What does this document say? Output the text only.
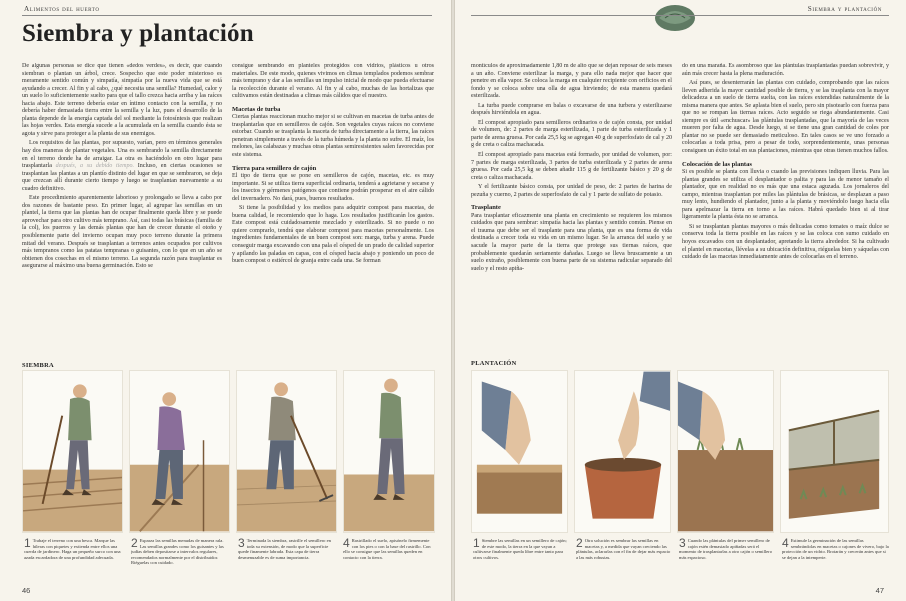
Alimentos del huerto
Siembra y plantación

De algunas personas se dice que tienen «dedos verdes», es decir, que cuando siembran o plantan un árbol, crece. Sospecho que este poder misterioso es meramente sentido común y simpatía, simpatía por la nueva vida que se está ayudando a crecer. Al fin y al cabo, ¿qué necesita una semilla? Humedad, calor y un suelo lo suficientemente suelto para que el tallo crezca hacia arriba y las raíces hacia abajo. Este terreno debería estar en íntimo contacto con la semilla, y no debería haber demasiada tierra entre la semilla y la luz, pues el desarrollo de la planta depende de la energía captada del sol mediante la fotosíntesis que realizan las hojas verdes. Esta energía sucede a la acumulada en la semilla cuando ésta se agota y sirve para proteger a la planta de sus enemigos.

Los requisitos de las plantas, por supuesto, varían, pero en términos generales hay dos maneras de plantar vegetales. Una es sembrando la semilla directamente en el terreno donde ha de arraigar. La otra es haciéndolo en otro lugar para trasplantarla después, a su debido tiempo. Incluso, en ciertas ocasiones se trasplantan las plantas a un plantío distinto del lugar en que se sembraron, se deja que crezcan allí durante cierto tiempo y luego se trasplantan nuevamente a su cuadro definitivo.

Este procedimiento aparentemente laborioso y prolongado se lleva a cabo por dos razones de bastante peso. En primer lugar, al agrupar las semillas en un plantel, la tierra que las plantas han de ocupar finalmente queda libre y se puede aprovechar para otro cultivo más temprano. Así, casi todas las brásicas (familia de la col), los puerros y las demás plantas que han de crecer durante el otoño y posiblemente parte del invierno ocupan muy poco terreno durante la primera mitad del verano. Después se trasplantan a terrenos antes ocupados por cultivos más tempranos como las patatas tempranas o guisantes, con lo que en un año se obtienen dos cosechas en el mismo terreno. La segunda razón para trasplantar es asegurarse al máximo una buena germinación. Esto se

consigue sembrando en planteles protegidos con vidrios, plásticos u otros materiales. De este modo, quienes vivimos en climas templados podemos sembrar más temprano y dar a las semillas un impulso inicial de modo que pueda efectuarse la recolección durante el verano. Al fin y al cabo, muchas de las hortalizas que cultivamos están destinadas a climas más cálidos que el nuestro.

Macetas de turba

Ciertas plantas reaccionan mucho mejor si se cultivan en macetas de turba antes de trasplantarlas que en semilleros de cajón. Son vegetales cuyas raíces no conviene estorbar. Cuando se trasplanta la maceta de turba directamente a la tierra, las raíces penetran simplemente a través de la turba húmeda y la planta no sufre. El maíz, los melones, las calabazas y muchas otras plantas semiresistentes salen favorecidas por este sistema.

Tierra para semillero de cajón

El tipo de tierra que se pone en semilleros de cajón, macetas, etc. es muy importante. Si se utiliza tierra superficial ordinaria, tenderá a agrietarse y secarse y los insectos y gérmenes patógenos que contiene podrán prosperar en el aire cálido del invernadero. No dará, pues, buenos resultados.

Si tiene la posibilidad y los medios para adquirir compost para macetas, de buena calidad, le recomiendo que lo haga. Los resultados justificarán los gastos. Este compost está cuidadosamente mezclado y esterilizado. Si no puede o no quiere comprarlo, tendrá que elaborar compost para macetas personalmente. Los ingredientes fundamentales de un buen compost son: marga, turba y arena. Puede conseguir marga excavando con una pala el césped de un prado de calidad superior y apilando las paladas en capas, con el césped hacia abajo y poniendo un poco de buen compost o estiércol de granja entre cada una. Se forman

SIEMBRA
1 Trabaje el terreno con una besca. Marque las hileras con piquetes y extienda entre ellos una cuerda de jardinero. Haga un pequeño surco con una azada escardadora de una profundidad adecuada.
2 Esparza las semillas menudas de manera rala. Las semillas grandes como los guisantes y las judías deben depositarse a intervalos regulares, recomendados normalmente por el distribuidor. Riéguelas con cuidado.
3 Terminada la siembra, rastrille el semillero en toda su extensión, de modo que la superficie quede finamente labrada. Esta capa de tierra desmenuzable es de suma importancia.
4 Rastrillado el suelo, apisónelo firmemente con los pies o con la base del rastrillo. Con ello se consigue que las semillas queden en contacto con la tierra.
46
Siembra y plantación

montículos de aproximadamente 1,80 m de alto que se dejan reposar de seis meses a un año. Conviene esterilizar la marga, y para ello nada mejor que hacer que penetre en ella vapor. Se coloca la marga en cualquier recipiente con orificios en el fondo y se coloca sobre una olla de agua hirviendo; de esta manera quedará esterilizada.

La turba puede comprarse en balas o excavarse de una turbera y esterilizarse después hirviéndola en agua.

El compost apropiado para semilleros ordinarios o de cajón consta, por unidad de volumen, de: 2 partes de marga esterilizada, 1 parte de turba esterilizada y 1 parte de arena gruesa. Por cada 25,5 kg se agregan 40 g de superfosfato de cal y 20 g de creta o caliza machacada.

El compost apropiado para macetas está formado, por unidad de volumen, por: 7 partes de marga esterilizada, 3 partes de turba esterilizada y 2 partes de arena gruesa. Por cada 25,5 kg se deben añadir 115 g de fertilizante básico y 20 g de creta o caliza machacada.

Y el fertilizante básico consta, por unidad de peso, de: 2 partes de harina de pezuña y cuerno, 2 partes de superfosfato de cal y 1 parte de sulfato de potasio.

Trasplante

Para trasplantar eficazmente una planta en crecimiento se requieren los mismos cuidados que para sembrar: simpatía hacia las plantas y sentido común. Piense en el trauma que debe ser el trasplante para una planta, que es una forma de vida destinada a crecer toda su vida en un mismo lugar. Se la arranca del suelo y se sacude la mayor parte de la tierra que protege sus tiernas raíces, que probablemente quedarán seriamente dañadas. Luego se lleva bruscamente a un suelo extraño, posiblemente con buena parte de su sistema radicular separado del suelo y el resto apiña-

do en una maraña. Es asombroso que las plántulas trasplantadas puedan sobrevivir, y aún más crecer hasta la plena maduración.

Así pues, se desenterrarán las plantas con cuidado, comprobando que las raíces lleven adherida la mayor cantidad posible de tierra, y se las trasplanta con la mayor delicadeza a un suelo de tierra suelta, con las raíces extendidas naturalmente de la misma manera que antes. Se aplasta bien el suelo, pero sin pisotearlo con fuerza para que no se rompan las tiernas raíces. Acto seguido se riega abundantemente. Casi siempre es útil «enchuscar» las plántulas trasplantadas, que la mayoría de las veces mueren por falta de agua. Desde luego, si se tiene una gran cantidad de coles por plantar no se puede ser demasiado meticuloso. En tales casos se ve uno forzado a colocarlas a toda prisa, pero a pesar de todo, sorprendentemente, unas personas consiguen un éxito total en sus plantaciones, mientras que otras tienen muchos fallos.

Colocación de las plantas

Si es posible se planta con lluvia o cuando las previsiones indiquen lluvia. Para las plantas grandes se utiliza el desplantador o palita y para las de menor tamaño el plantador, que en realidad no es más que una estaca aguzada. Los jornaleros del campo, mientras trasplantan por miles las plántulas de brásicas, se desplazan a paso muy lento, hundiendo el plantador, junto a la planta y moviéndolo luego hacia ella para apelmazar la tierra en torno a las raíces. Habrá quedado bien si al tirar ligeramente la planta ésta no se arranca.

Si se trasplantan plantas mayores o más delicadas como tomates o maíz dulce se conserva toda la tierra posible en las raíces y se las coloca con sumo cuidado en hoyos excavados con un desplantador, apretando la tierra alrededor. Si ha cultivado el plantel en macetas, llévelas a su ubicación definitiva, riéguelas bien y sáquelas con cuidado de las macetas inmediatamente antes de colocarlas en el terreno.

PLANTACIÓN
1 Siembre las semillas en un semillero de cajón; de este modo, la tierra en la que vayan a cultivarse finalmente queda libre entre tanto para otros cultivos.
2 Otra solución es sembrar las semillas en macetas y, a medida que vayan creciendo las plántulas, aclararlas con el fin de dejar más espacio a las más robustas.
3 Cuando las plántulas del primer semillero de cajón estén demasiado apiñadas será el momento de trasplantarlas a otro cajón o semillero más espacioso.
4 Estimule la germinación de las semillas sembrándolas en macetas o cajones de vivero, bajo la protección de un vidrio. Brotarán y crecerán antes que si se dejan a la intemperie.
47
